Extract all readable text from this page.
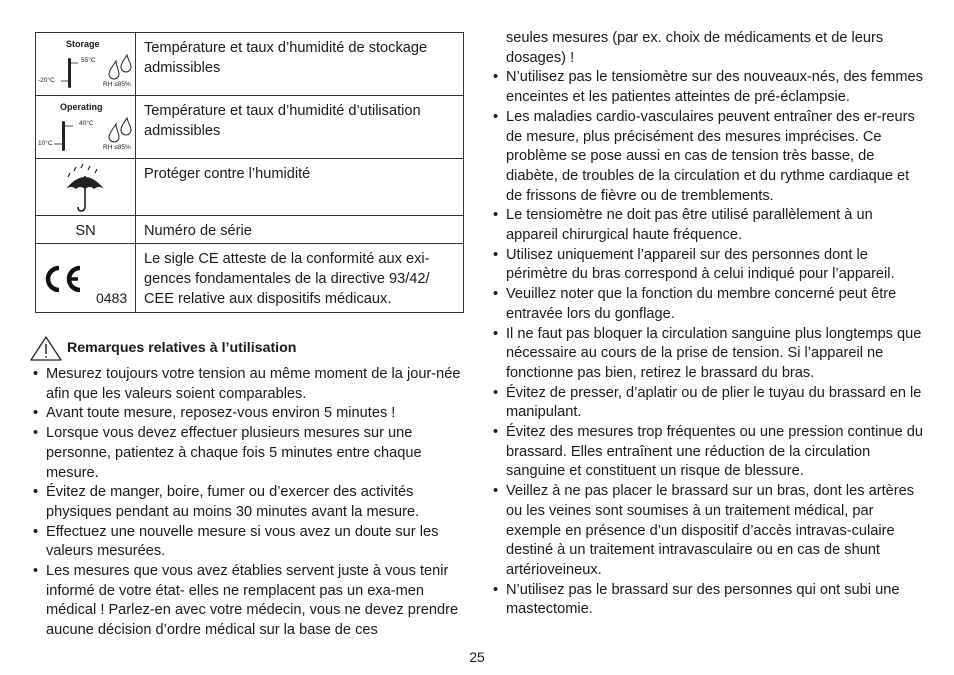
Storage
55°C
-20°C
RH ≤85%	Température et taux d’humidité de stockage admissibles

Operating
40°C
10°C
RH ≤85%	Température et taux d’humidité d’utilisation admissibles

	Protéger contre l’humidité
SN	Numéro de série

0483	Le sigle CE atteste de la conformité aux exi-gences fondamentales de la directive 93/42/ CEE relative aux dispositifs médicaux.
Remarques relatives à l’utilisation
• Mesurez toujours votre tension au même moment de la jour-née afin que les valeurs soient comparables.
• Avant toute mesure, reposez-vous environ 5 minutes !
• Lorsque vous devez effectuer plusieurs mesures sur une personne, patientez à chaque fois 5 minutes entre chaque mesure.
• Évitez de manger, boire, fumer ou d’exercer des activités physiques pendant au moins 30 minutes avant la mesure.
• Effectuez une nouvelle mesure si vous avez un doute sur les valeurs mesurées.
• Les mesures que vous avez établies servent juste à vous tenir informé de votre état- elles ne remplacent pas un exa-men médical ! Parlez-en avec votre médecin, vous ne devez prendre aucune décision d’ordre médical sur la base de ces
seules mesures (par ex. choix de médicaments et de leurs dosages) !
• N’utilisez pas le tensiomètre sur des nouveaux-nés, des femmes enceintes et les patientes atteintes de pré-éclampsie.
• Les maladies cardio-vasculaires peuvent entraîner des er-reurs de mesure, plus précisément des mesures imprécises. Ce problème se pose aussi en cas de tension très basse, de diabète, de troubles de la circulation et du rythme cardiaque et de frissons de fièvre ou de tremblements.
• Le tensiomètre ne doit pas être utilisé parallèlement à un appareil chirurgical haute fréquence.
• Utilisez uniquement l’appareil sur des personnes dont le périmètre du bras correspond à celui indiqué pour l’appareil.
• Veuillez noter que la fonction du membre concerné peut être entravée lors du gonflage.
• Il ne faut pas bloquer la circulation sanguine plus longtemps que nécessaire au cours de la prise de tension. Si l’appareil ne fonctionne pas bien, retirez le brassard du bras.
• Évitez de presser, d’aplatir ou de plier le tuyau du brassard en le manipulant.
• Évitez des mesures trop fréquentes ou une pression continue du brassard. Elles entraînent une réduction de la circulation sanguine et constituent un risque de blessure.
• Veillez à ne pas placer le brassard sur un bras, dont les artères ou les veines sont soumises à un traitement médical, par exemple en présence d’un dispositif d’accès intravas-culaire destiné à un traitement intravasculaire ou en cas de shunt artérioveineux.
• N’utilisez pas le brassard sur des personnes qui ont subi une mastectomie.
25
